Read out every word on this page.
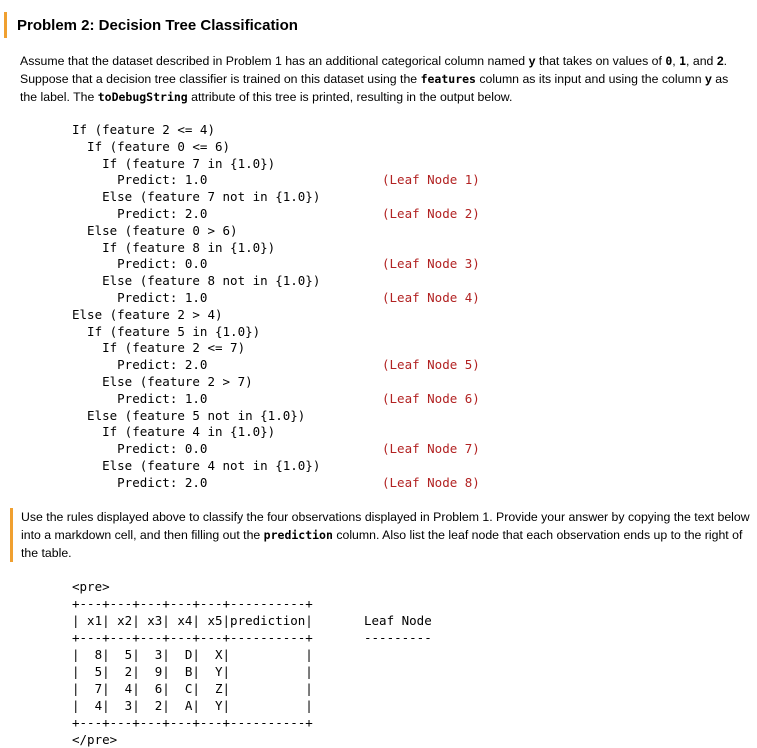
Problem 2: Decision Tree Classification
Assume that the dataset described in Problem 1 has an additional categorical column named y that takes on values of 0, 1, and 2. Suppose that a decision tree classifier is trained on this dataset using the features column as its input and using the column y as the label. The toDebugString attribute of this tree is printed, resulting in the output below.
If (feature 2 <= 4)
If (feature 0 <= 6)
If (feature 7 in {1.0})
Predict: 1.0	(Leaf Node 1)
Else (feature 7 not in {1.0})
Predict: 2.0	(Leaf Node 2)
Else (feature 0 > 6)
If (feature 8 in {1.0})
Predict: 0.0	(Leaf Node 3)
Else (feature 8 not in {1.0})
Predict: 1.0	(Leaf Node 4)
Else (feature 2 > 4)
If (feature 5 in {1.0})
If (feature 2 <= 7)
Predict: 2.0	(Leaf Node 5)
Else (feature 2 > 7)
Predict: 1.0	(Leaf Node 6)
Else (feature 5 not in {1.0})
If (feature 4 in {1.0})
Predict: 0.0	(Leaf Node 7)
Else (feature 4 not in {1.0})
Predict: 2.0	(Leaf Node 8)
Use the rules displayed above to classify the four observations displayed in Problem 1. Provide your answer by copying the text below into a markdown cell, and then filling out the prediction column. Also list the leaf node that each observation ends up to the right of the table.
<pre>
+---+---+---+---+---+----------+
| x1| x2| x3| x4| x5|prediction|
+---+---+---+---+---+----------+
|  8|  5|  3|  D|  X|          |
|  5|  2|  9|  B|  Y|          |
|  7|  4|  6|  C|  Z|          |
|  4|  3|  2|  A|  Y|          |
+---+---+---+---+---+----------+
</pre>
Leaf Node
---------
